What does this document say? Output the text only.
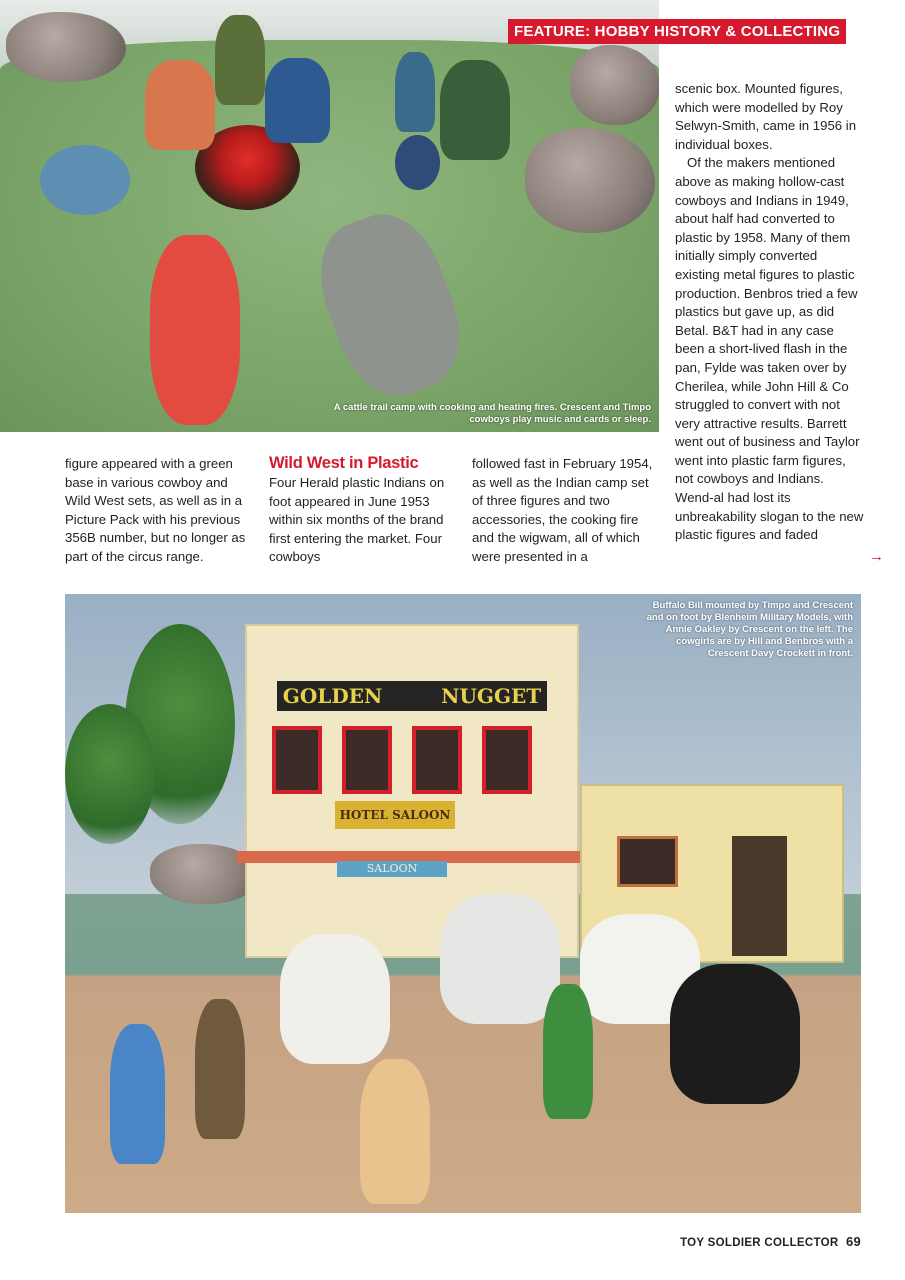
A cattle trail camp with cooking and heating fires. Crescent and Timpo cowboys play music and cards or sleep.
FEATURE: HOBBY HISTORY & COLLECTING

scenic box. Mounted figures, which were modelled by Roy Selwyn-Smith, came in 1956 in individual boxes.

Of the makers mentioned above as making hollow-cast cowboys and Indians in 1949, about half had converted to plastic by 1958. Many of them initially simply converted existing metal figures to plastic production. Benbros tried a few plastics but gave up, as did Betal. B&T had in any case been a short-lived flash in the pan, Fylde was taken over by Cherilea, while John Hill & Co struggled to convert with not very attractive results. Barrett went out of business and Taylor went into plastic farm figures, not cowboys and Indians. Wend-al had lost its unbreakability slogan to the new plastic figures and faded

figure appeared with a green base in various cowboy and Wild West sets, as well as in a Picture Pack with his previous 356B number, but no longer as part of the circus range.

Wild West in Plastic

Four Herald plastic Indians on foot appeared in June 1953 within six months of the brand first entering the market. Four cowboys

followed fast in February 1954, as well as the Indian camp set of three figures and two accessories, the cooking fire and the wigwam, all of which were presented in a	→
GOLDEN	NUGGET
HOTEL SALOON
SALOON
Buffalo Bill mounted by Timpo and Crescent and on foot by Blenheim Military Models, with Annie Oakley by Crescent on the left. The cowgirls are by Hill and Benbros with a Crescent Davy Crockett in front.
TOY SOLDIER COLLECTOR 69
